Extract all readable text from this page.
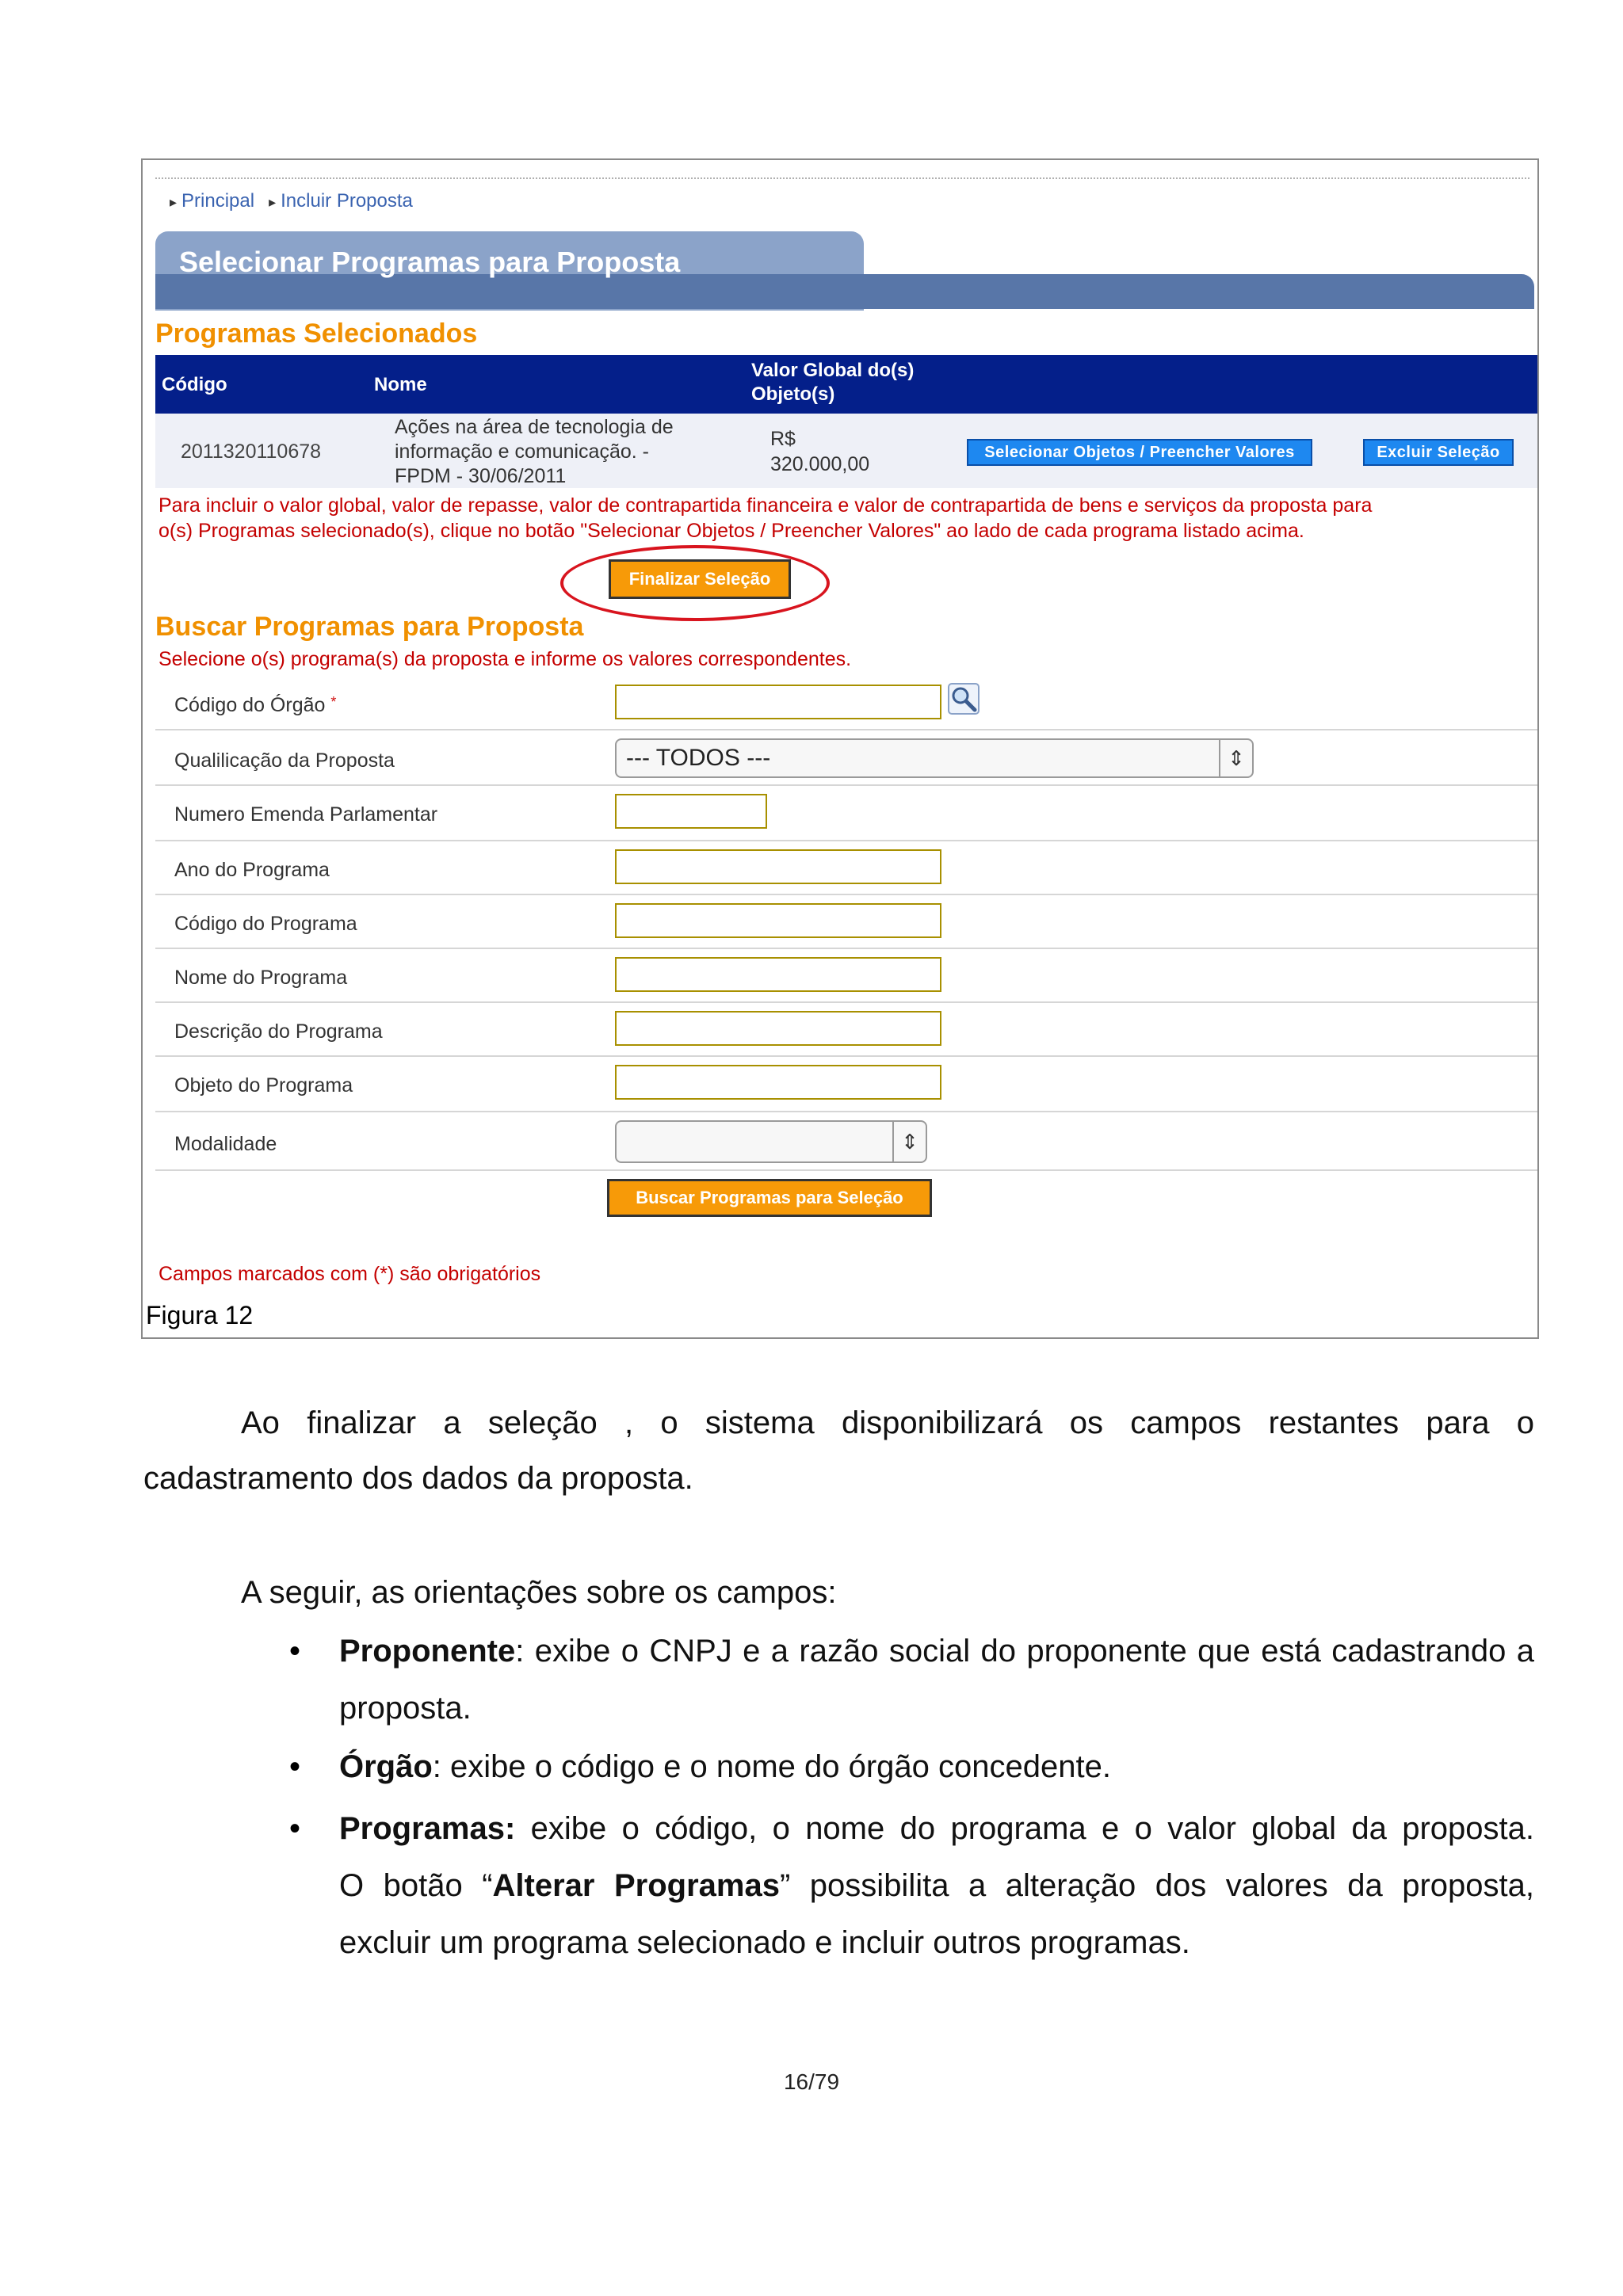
▸ Principal
▸	Incluir Proposta
Selecionar Programas para Proposta
Programas Selecionados
Código	Nome
Valor Global do(s)
Objeto(s)
2011320110678
Ações na área de tecnologia de
informação e comunicação. -
FPDM - 30/06/2011
R$
320.000,00
Selecionar Objetos / Preencher Valores	Excluir Seleção
Para incluir o valor global, valor de repasse, valor de contrapartida financeira e valor de contrapartida de bens e serviços da proposta para
o(s) Programas selecionado(s), clique no botão "Selecionar Objetos / Preencher Valores" ao lado de cada programa listado acima.
Finalizar Seleção
Buscar Programas para Proposta
Selecione o(s) programa(s) da proposta e informe os valores correspondentes.
Código do Órgão *
Qualilicação da Proposta	--- TODOS ---	⇕
Numero Emenda Parlamentar
Ano do Programa
Código do Programa
Nome do Programa
Descrição do Programa
Objeto do Programa
Modalidade	⇕
Buscar Programas para Seleção
Campos marcados com (*) são obrigatórios
Figura 12
Ao finalizar a seleção , o sistema disponibilizará os campos restantes para o
cadastramento dos dados da proposta.
A seguir, as orientações sobre os campos:
• Proponente: exibe o CNPJ e a razão social do proponente que está cadastrando a
proposta.
• Órgão: exibe o código e o nome do órgão concedente.
• Programas: exibe o código, o nome do programa e o valor global da proposta.
O botão “Alterar Programas” possibilita a alteração dos valores da proposta,
excluir um programa selecionado e incluir outros programas.
16/79
